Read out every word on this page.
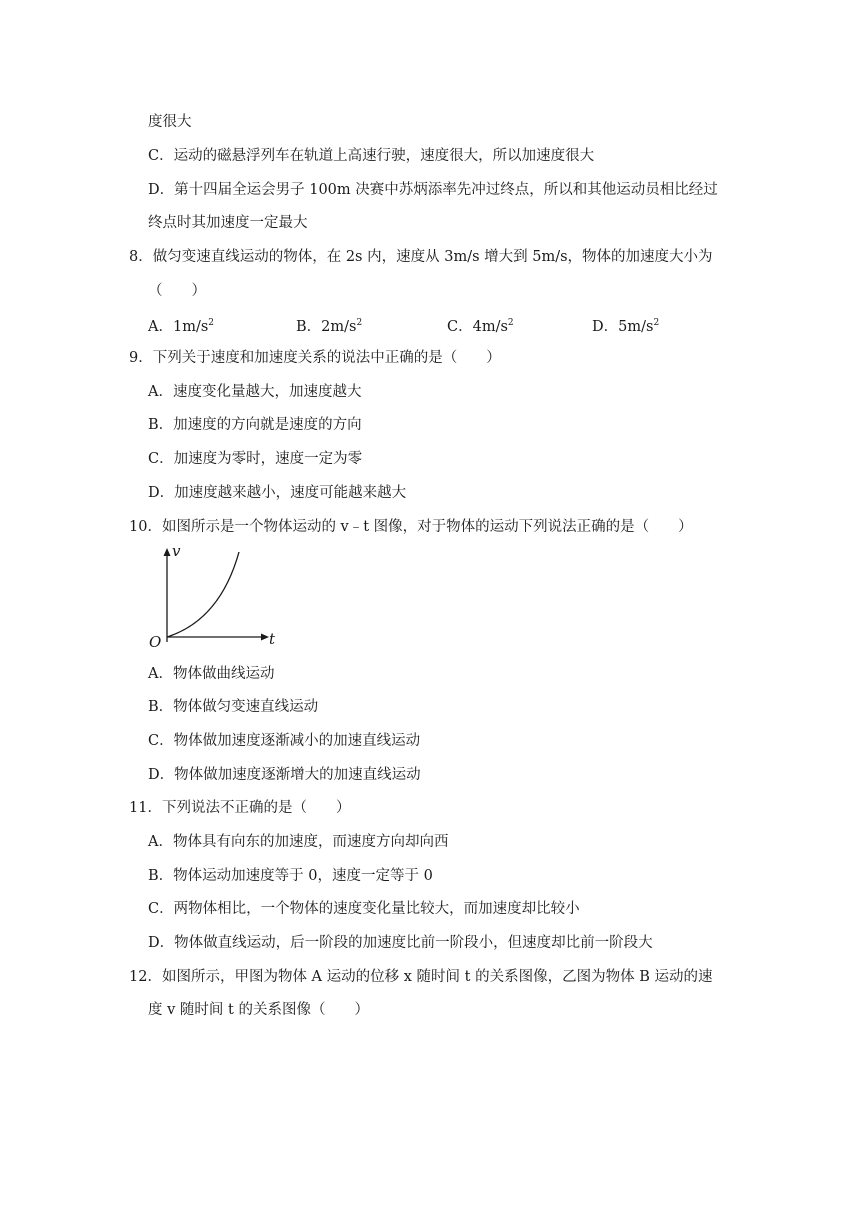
度很大
C．运动的磁悬浮列车在轨道上高速行驶，速度很大，所以加速度很大
D．第十四届全运会男子 100m 决赛中苏炳添率先冲过终点，所以和其他运动员相比经过
终点时其加速度一定最大
8．做匀变速直线运动的物体，在 2s 内，速度从 3m/s 增大到 5m/s，物体的加速度大小为
（　　）
A．$1m/s^2$	B．$2m/s^2$	C．$4m/s^2$	D．$5m/s^2$
9．下列关于速度和加速度关系的说法中正确的是（　　）
A．速度变化量越大，加速度越大
B．加速度的方向就是速度的方向
C．加速度为零时，速度一定为零
D．加速度越来越小，速度可能越来越大
10．如图所示是一个物体运动的 v﹣t 图像，对于物体的运动下列说法正确的是（　　）
v
t
O
A．物体做曲线运动
B．物体做匀变速直线运动
C．物体做加速度逐渐减小的加速直线运动
D．物体做加速度逐渐增大的加速直线运动
11．下列说法不正确的是（　　）
A．物体具有向东的加速度，而速度方向却向西
B．物体运动加速度等于 0，速度一定等于 0
C．两物体相比，一个物体的速度变化量比较大，而加速度却比较小
D．物体做直线运动，后一阶段的加速度比前一阶段小，但速度却比前一阶段大
12．如图所示，甲图为物体 A 运动的位移 x 随时间 t 的关系图像，乙图为物体 B 运动的速
度 v 随时间 t 的关系图像（　　）
